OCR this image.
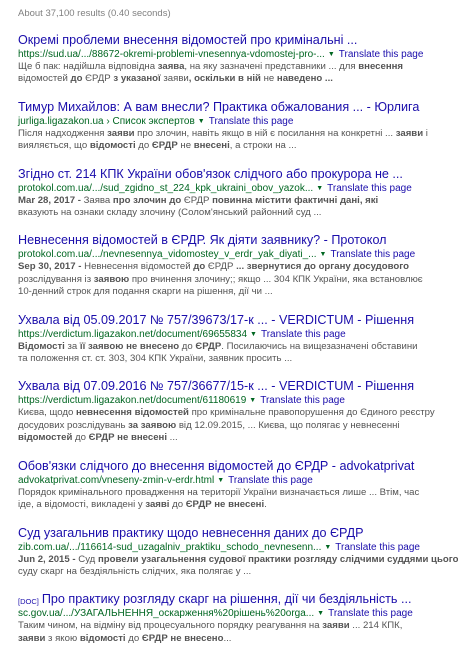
About 37,100 results (0.40 seconds)
Окремі проблеми внесення відомостей про кримінальні ...
https://sud.ua/.../88672-okremi-problemi-vnesennya-vdomostej-pro-... ▼ Translate this page
Ще б пак: надійшла відповідна заява, на яку зазначені представники ... для внесення
відомостей до ЄРДР з указаної заяви, оскільки в ній не наведено ...
Тимур Михайлов: А вам внесли? Практика обжалования ... - Юрлига
jurliga.ligazakon.ua › Список экспертов ▼ Translate this page
Після надходження заяви про злочин, навіть якщо в ній є посилання на конкретні ... заяви і
вияляється, що відомості до ЄРДР не внесені, а строки на ...
Згідно ст. 214 КПК України обов'язок слідчого або прокурора не ...
protokol.com.ua/.../sud_zgidno_st_224_kpk_ukraini_obov_yazok... ▼ Translate this page
Mar 28, 2017 - Заява про злочин до ЄРДР повинна містити фактичні дані, які
вказують на ознаки складу злочину (Солом'янський районний суд ...
Невнесення відомостей в ЄРДР. Як діяти заявнику? - Протокол
protokol.com.ua/.../nevnesennya_vidomostey_v_erdr_yak_diyati_... ▼ Translate this page
Sep 30, 2017 - Невнесення відомостей до ЄРДР ... звернутися до органу досудового
розслідування із заявою про вчинення злочину;; якщо ... 304 КПК України, яка встановлює
10-денний строк для подання скарги на рішення, дії чи ...
Ухвала від 05.09.2017 № 757/39673/17-к ... - VERDICTUM - Рішення
https://verdictum.ligazakon.net/document/69655834 ▼ Translate this page
Відомості за її заявою не внесено до ЄРДР. Посилаючись на вищезазначені обставини
та положення ст. ст. 303, 304 КПК України, заявник просить ...
Ухвала від 07.09.2016 № 757/36677/15-к ... - VERDICTUM - Рішення
https://verdictum.ligazakon.net/document/61180619 ▼ Translate this page
Києва, щодо невнесення відомостей про кримінальне правопорушення до Єдиного реєстру
досудових розслідувань за заявою від 12.09.2015, ... Києва, що полягає у невнесенні
відомостей до ЄРДР не внесені ...
Обов'язки слідчого до внесення відомостей до ЄРДР - advokatprivat
advokatprivat.com/vneseny-zmin-v-erdr.html ▼ Translate this page
Порядок кримінального провадження на території України визначається лише ... Втім, час
іде, а відомості, викладені у заяві до ЄРДР не внесені.
Суд узагальнив практику щодо невнесення даних до ЄРДР
zib.com.ua/.../116614-sud_uzagalniv_praktiku_schodo_nevnesenn... ▼ Translate this page
Jun 2, 2015 - Суд провели узагальнення судової практики розгляду слідчими суддями цього
суду скарг на бездіяльність слідчих, яка полягає у ...
[DOC] Про практику розгляду скарг на рішення, дії чи бездіяльність ...
sc.gov.ua/.../УЗАГАЛЬНЕННЯ_оскарження%20рішень%20orga... ▼ Translate this page
Таким чином, на відміну від процесуального порядку реагування на заяви ... 214 КПК,
заяви з якою відомості до ЄРДР не внесено...
